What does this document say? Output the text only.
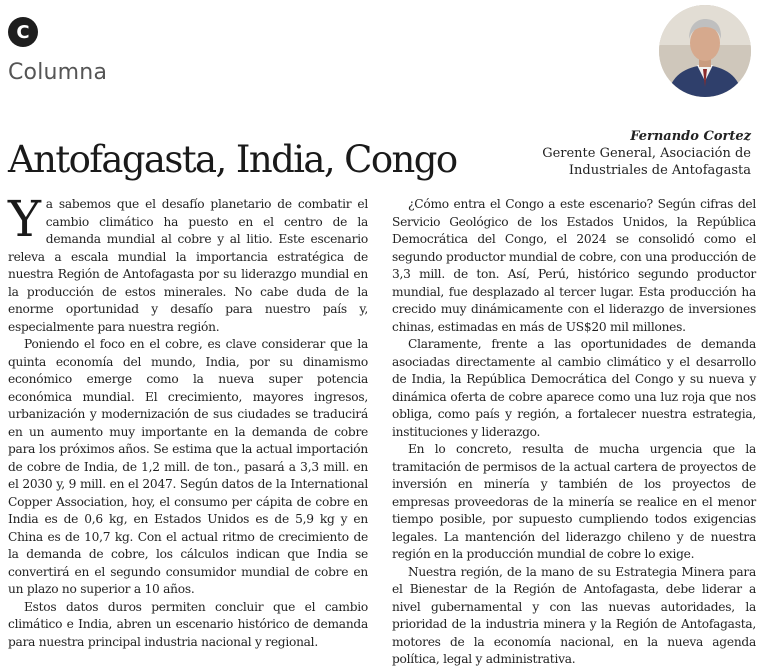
C
Columna
Fernando Cortez
Gerente General, Asociación de
Industriales de Antofagasta
Antofagasta, India, Congo

Ya sabemos que el desafío planetario de combatir el cambio climático ha puesto en el centro de la demanda mundial al cobre y al litio. Este escenario releva a escala mundial la importancia estratégica de nuestra Región de Antofagasta por su liderazgo mundial en la producción de estos minerales. No cabe duda de la enorme oportunidad y desafío para nuestro país y, especialmente para nuestra región.

Poniendo el foco en el cobre, es clave considerar que la quinta economía del mundo, India, por su dinamismo económico emerge como la nueva super potencia económica mundial. El crecimiento, mayores ingresos, urbanización y modernización de sus ciudades se traducirá en un aumento muy importante en la demanda de cobre para los próximos años. Se estima que la actual importación de cobre de India, de 1,2 mill. de ton., pasará a 3,3 mill. en el 2030 y, 9 mill. en el 2047. Según datos de la International Copper Association, hoy, el consumo per cápita de cobre en India es de 0,6 kg, en Estados Unidos es de 5,9 kg y en China es de 10,7 kg. Con el actual ritmo de crecimiento de la demanda de cobre, los cálculos indican que India se convertirá en el segundo consumidor mundial de cobre en un plazo no superior a 10 años.

Estos datos duros permiten concluir que el cambio climático e India, abren un escenario histórico de demanda para nuestra principal industria nacional y regional.

¿Cómo entra el Congo a este escenario? Según cifras del Servicio Geológico de los Estados Unidos, la República Democrática del Congo, el 2024 se consolidó como el segundo productor mundial de cobre, con una producción de 3,3 mill. de ton. Así, Perú, histórico segundo productor mundial, fue desplazado al tercer lugar. Esta producción ha crecido muy dinámicamente con el liderazgo de inversiones chinas, estimadas en más de US$20 mil millones.

Claramente, frente a las oportunidades de demanda asociadas directamente al cambio climático y el desarrollo de India, la República Democrática del Congo y su nueva y dinámica oferta de cobre aparece como una luz roja que nos obliga, como país y región, a fortalecer nuestra estrategia, instituciones y liderazgo.

En lo concreto, resulta de mucha urgencia que la tramitación de permisos de la actual cartera de proyectos de inversión en minería y también de los proyectos de empresas proveedoras de la minería se realice en el menor tiempo posible, por supuesto cumpliendo todos exigencias legales. La mantención del liderazgo chileno y de nuestra región en la producción mundial de cobre lo exige.

Nuestra región, de la mano de su Estrategia Minera para el Bienestar de la Región de Antofagasta, debe liderar a nivel gubernamental y con las nuevas autoridades, la prioridad de la industria minera y la Región de Antofagasta, motores de la economía nacional, en la nueva agenda política, legal y administrativa.
